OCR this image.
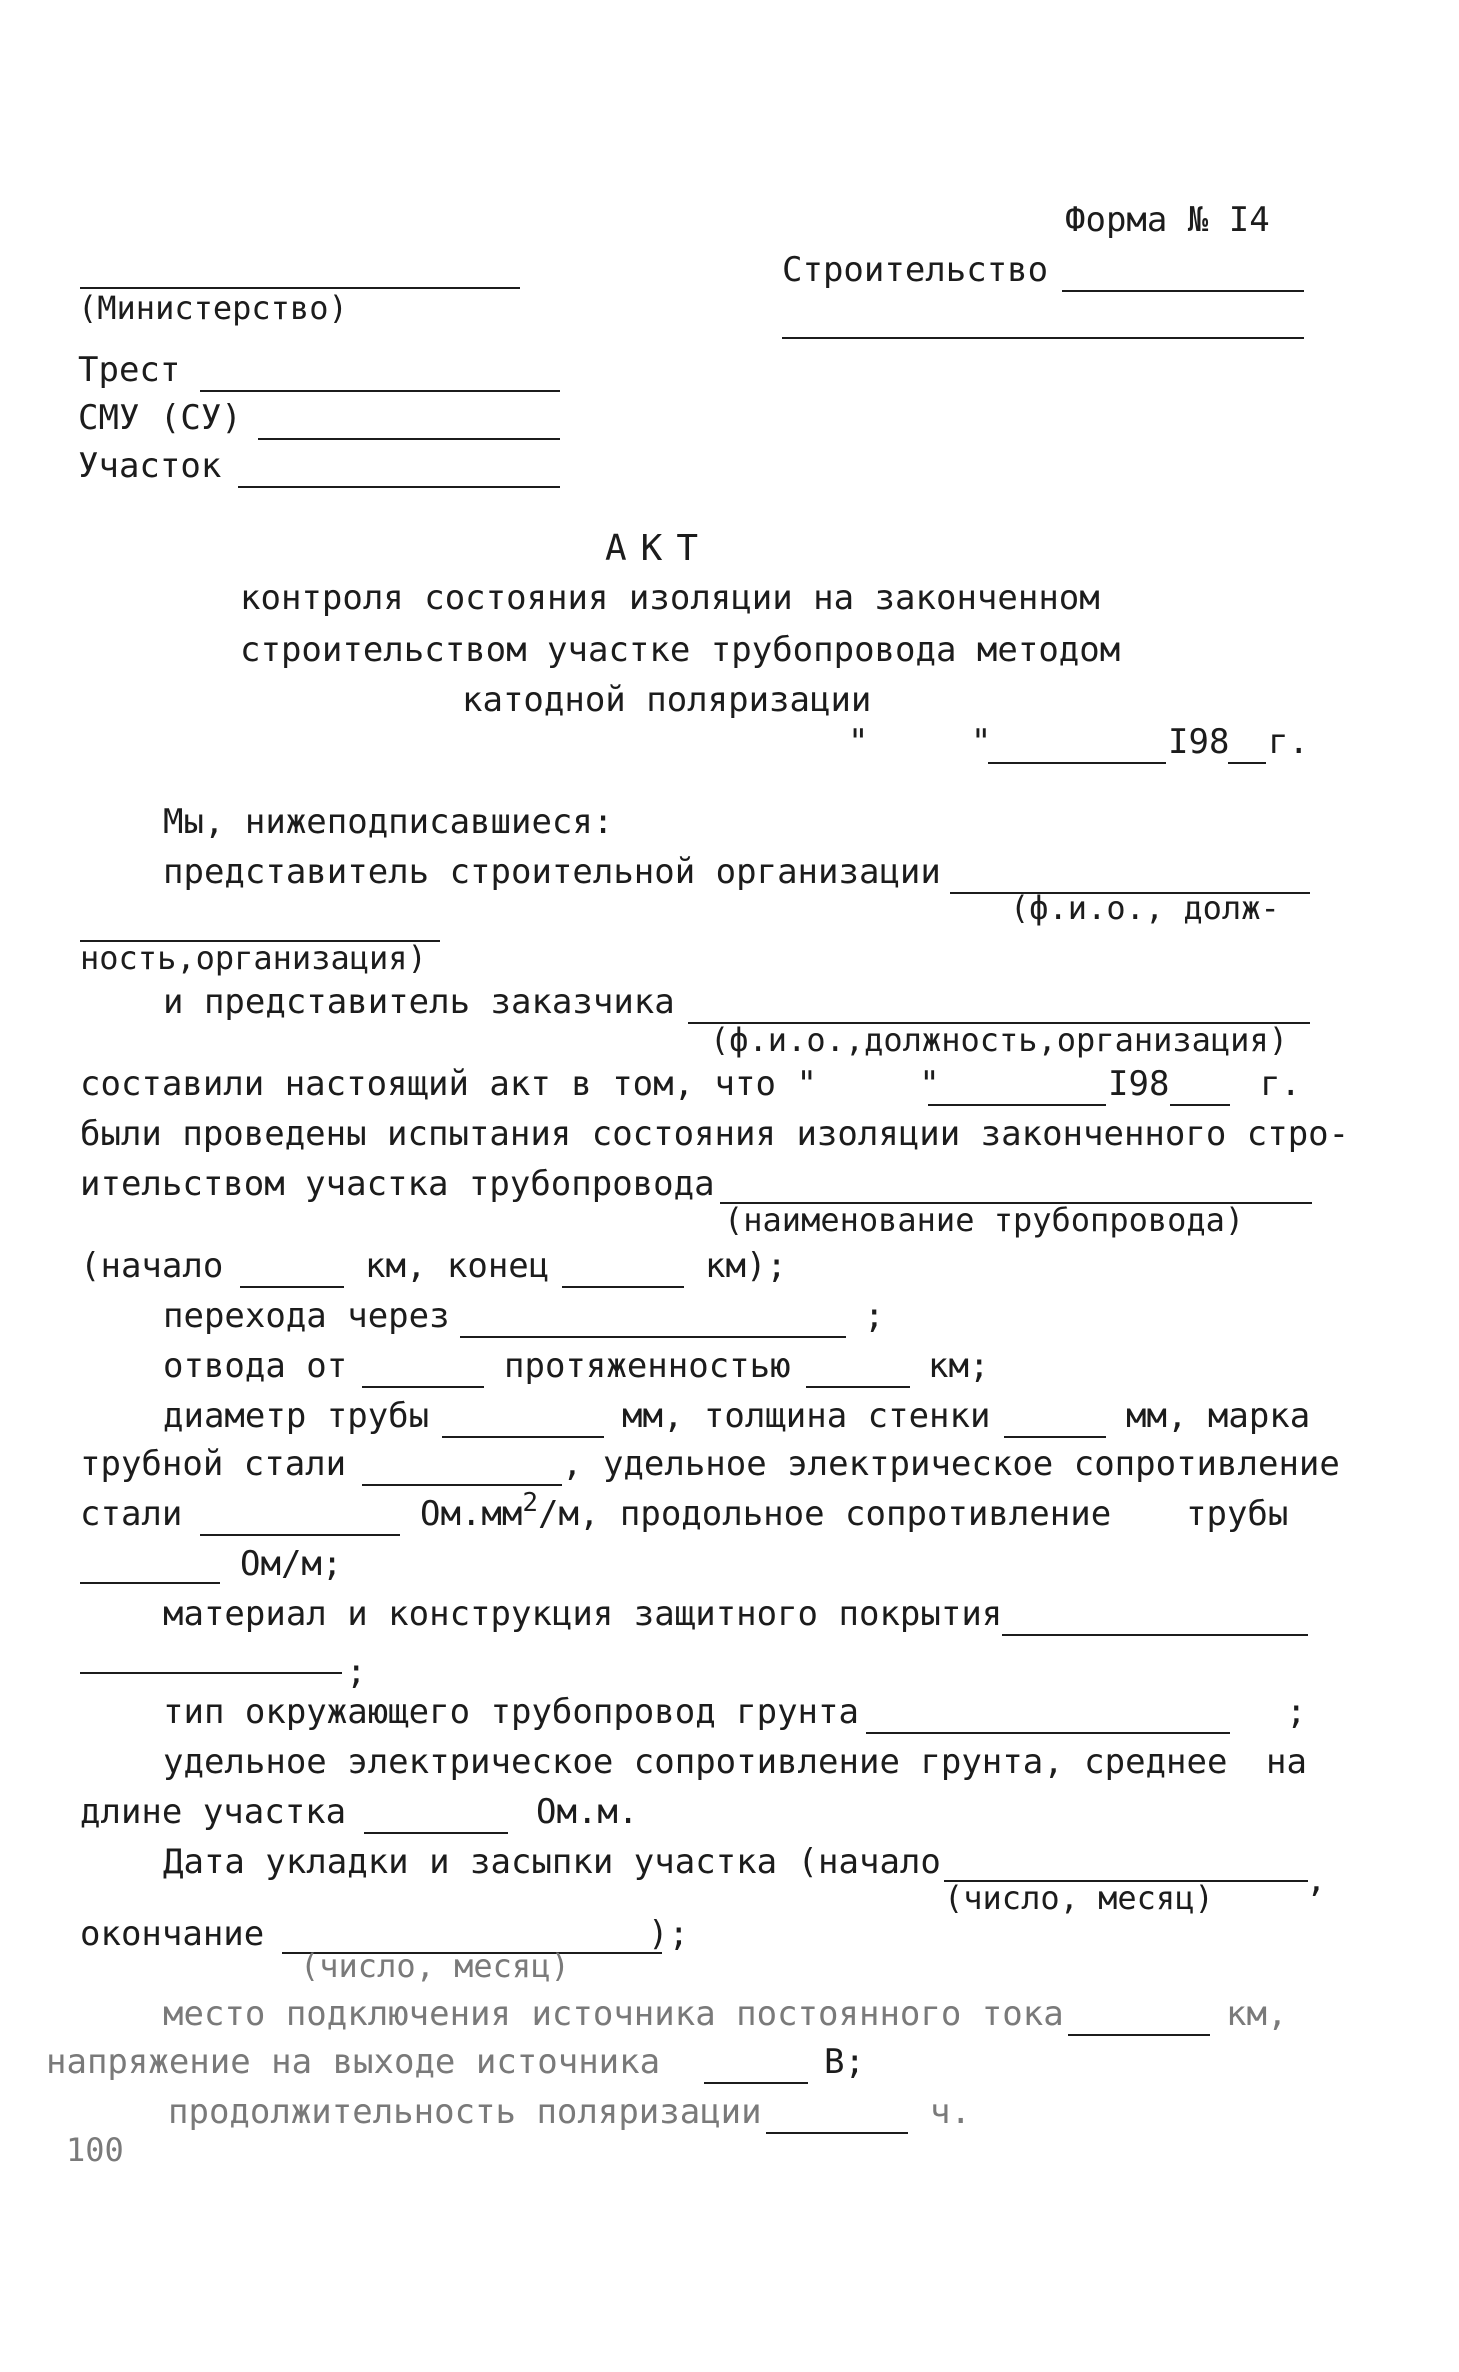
Форма № I4
Строительство
(Министерство)
Трест
СМУ (СУ)
Участок
АКТ
контроля состояния изоляции на законченном
строительством участке трубопровода методом
катодной поляризации
"     "	I98 г.
Мы, нижеподписавшиеся:
представитель строительной организации
(ф.и.о., долж-
ность,организация)
и представитель заказчика
(ф.и.о.,должность,организация)
составили настоящий акт в том, что "     "	I98	г.
были проведены испытания состояния изоляции законченного стро-
ительством участка трубопровода
(наименование трубопровода)
(начало	км, конец	км);
перехода через	;
отвода от	протяженностью	км;
диаметр трубы	мм, толщина стенки	мм, марка
трубной стали	, удельное электрическое сопротивление
стали	$Ом.мм^2/м$, продольное сопротивление трубы
Ом/м;
материал и конструкция защитного покрытия
;
тип окружающего трубопровод грунта	;
удельное электрическое сопротивление грунта, среднее на
длине участка	Ом.м.
Дата укладки и засыпки участка (начало
(число, месяц)	,
окончание	);
(число, месяц)
место подключения источника постоянного тока	км,
напряжение на выходе источника	В;
продолжительность поляризации	ч.
100
